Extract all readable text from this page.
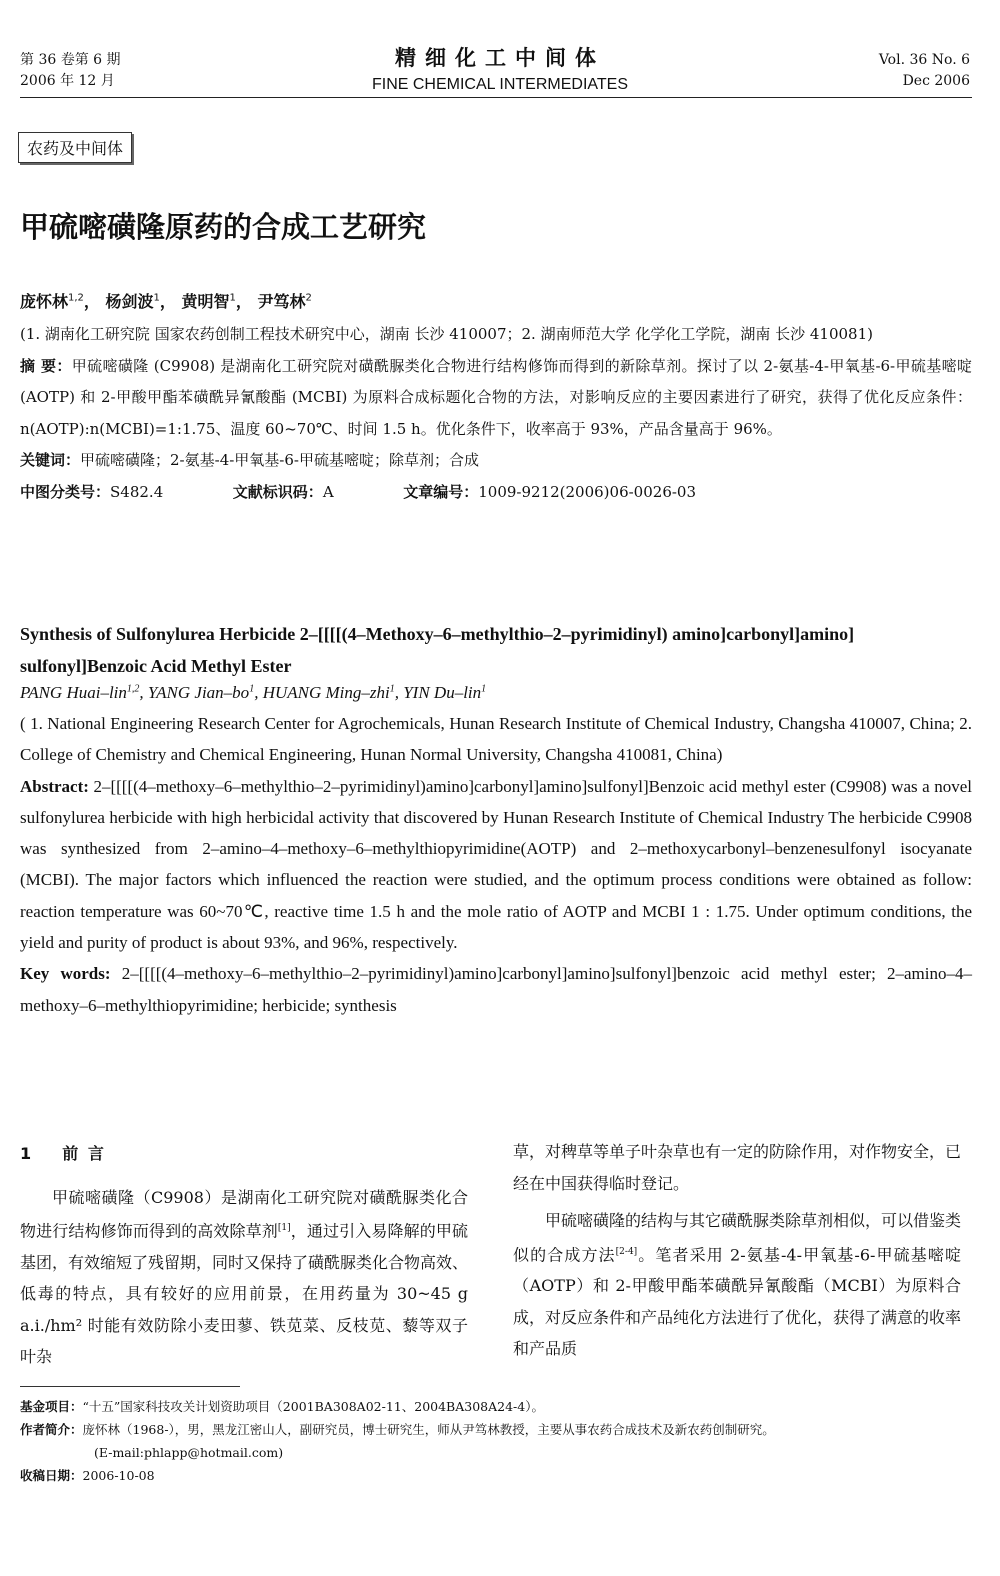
第 36 卷第 6 期
2006 年 12 月
精细化工中间体
FINE CHEMICAL INTERMEDIATES
Vol. 36 No. 6
Dec 2006
农药及中间体
甲硫嘧磺隆原药的合成工艺研究
庞怀林$^{1,2}$， 杨剑波$^1$， 黄明智$^1$， 尹笃林$^2$
(1. 湖南化工研究院 国家农药创制工程技术研究中心，湖南 长沙 410007；2. 湖南师范大学 化学化工学院，湖南 长沙 410081)
摘 要：甲硫嘧磺隆 (C9908) 是湖南化工研究院对磺酰脲类化合物进行结构修饰而得到的新除草剂。探讨了以 2-氨基-4-甲氧基-6-甲硫基嘧啶 (AOTP) 和 2-甲酸甲酯苯磺酰异氰酸酯 (MCBI) 为原料合成标题化合物的方法，对影响反应的主要因素进行了研究，获得了优化反应条件：n(AOTP):n(MCBI)=1:1.75、温度 60~70℃、时间 1.5 h。优化条件下，收率高于 93%，产品含量高于 96%。
关键词：甲硫嘧磺隆；2-氨基-4-甲氧基-6-甲硫基嘧啶；除草剂；合成
中图分类号：S482.4	文献标识码：A	文章编号：1009-9212(2006)06-0026-03
Synthesis of Sulfonylurea Herbicide 2–[[[[(4–Methoxy–6–methylthio–2–pyrimidinyl) amino]carbonyl]amino] sulfonyl]Benzoic Acid Methyl Ester
PANG Huai–lin$^{1,2}$, YANG Jian–$bo^1$, HUANG Ming–zhi$^1$, YIN Du–lin$^1$
( 1. National Engineering Research Center for Agrochemicals, Hunan Research Institute of Chemical Industry, Changsha 410007, China; 2. College of Chemistry and Chemical Engineering, Hunan Normal University, Changsha 410081, China)
Abstract: 2–[[[[(4–methoxy–6–methylthio–2–pyrimidinyl)amino]carbonyl]amino]sulfonyl]Benzoic acid methyl ester (C9908) was a novel sulfonylurea herbicide with high herbicidal activity that discovered by Hunan Research Institute of Chemical Industry The herbicide C9908 was synthesized from 2–amino–4–methoxy–6–methylthiopyrimidine(AOTP) and 2–methoxycarbonyl–benzenesulfonyl isocyanate (MCBI). The major factors which influenced the reaction were studied, and the optimum process conditions were obtained as follow: reaction temperature was 60~70℃, reactive time 1.5 h and the mole ratio of AOTP and MCBI 1 : 1.75. Under optimum conditions, the yield and purity of product is about 93%, and 96%, respectively.
Key words: 2–[[[[(4–methoxy–6–methylthio–2–pyrimidinyl)amino]carbonyl]amino]sulfonyl]benzoic acid methyl ester; 2–amino–4–methoxy–6–methylthiopyrimidine; herbicide; synthesis
1 前 言

甲硫嘧磺隆（C9908）是湖南化工研究院对磺酰脲类化合物进行结构修饰而得到的高效除草剂[1]，通过引入易降解的甲硫基团，有效缩短了残留期，同时又保持了磺酰脲类化合物高效、低毒的特点，具有较好的应用前景，在用药量为 30~45 g a.i./hm² 时能有效防除小麦田蓼、铁苋菜、反枝苋、藜等双子叶杂

草，对稗草等单子叶杂草也有一定的防除作用，对作物安全，已经在中国获得临时登记。

甲硫嘧磺隆的结构与其它磺酰脲类除草剂相似，可以借鉴类似的合成方法[2-4]。笔者采用 2-氨基-4-甲氧基-6-甲硫基嘧啶（AOTP）和 2-甲酸甲酯苯磺酰异氰酸酯（MCBI）为原料合成，对反应条件和产品纯化方法进行了优化，获得了满意的收率和产品质

基金项目：“十五”国家科技攻关计划资助项目（2001BA308A02-11、2004BA308A24-4）。
作者简介：庞怀林（1968-），男，黑龙江密山人，副研究员，博士研究生，师从尹笃林教授，主要从事农药合成技术及新农药创制研究。
(E-mail:phlapp@hotmail.com)
收稿日期：2006-10-08
